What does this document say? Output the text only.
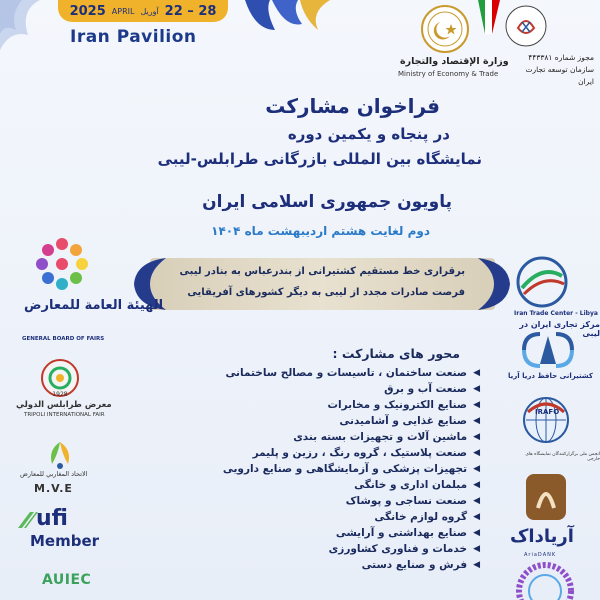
2025 APRIL آوریل 22 – 28
Iran Pavilion
وزارة الإقتصاد والتجارة
Ministry of Economy & Trade
مجوز شماره ۴۴۳۳۸۱
سازمان توسعه تجارت ایران
فراخوان مشارکت
در پنجاه و یکمین دوره
نمایشگاه بین المللی بازرگانی طرابلس-لیبی
پاویون جمهوری اسلامی ایران
دوم لغایت هشتم اردیبهشت ماه ۱۴۰۴
برقراری خط مستقیم کشتیرانی از بندرعباس به بنادر لیبی
فرصت صادرات مجدد از لیبی به دیگر کشورهای آفریقایی
محور های مشارکت :
صنعت ساختمان ، تاسیسات و مصالح ساختمانی ◀
صنعت آب و برق ◀
صنایع الکترونیک و مخابرات ◀
صنایع غذایی و آشامیدنی ◀
ماشین آلات و تجهیزات بسته بندی ◀
صنعت پلاستیک ، گروه رنگ ، رزین و پلیمر ◀
تجهیزات پزشکی و آزمایشگاهی و صنایع دارویی ◀
مبلمان اداری و خانگی ◀
صنعت نساجی و پوشاک ◀
گروه لوازم خانگی ◀
صنایع بهداشتی و آرایشی ◀
خدمات و فناوری کشاورزی ◀
فرش و صنایع دستی ◀
الهيئة العامة للمعارض
GENERAL BOARD OF FAIRS
1928
معرض طرابلس الدولي
TRIPOLI INTERNATIONAL FAIR
الاتحاد المغاربي للمعارض
M.V.E
ufi
Member
AUIEC
Iran Trade Center - Libya
مرکز تجاری ایران در لیبی
کشتیرانی حافظ دریا آریا
IRAFO
انجمن ملی برگزارکنندگان نمایشگاه های خارجی
آریاداک
AriaDANK
